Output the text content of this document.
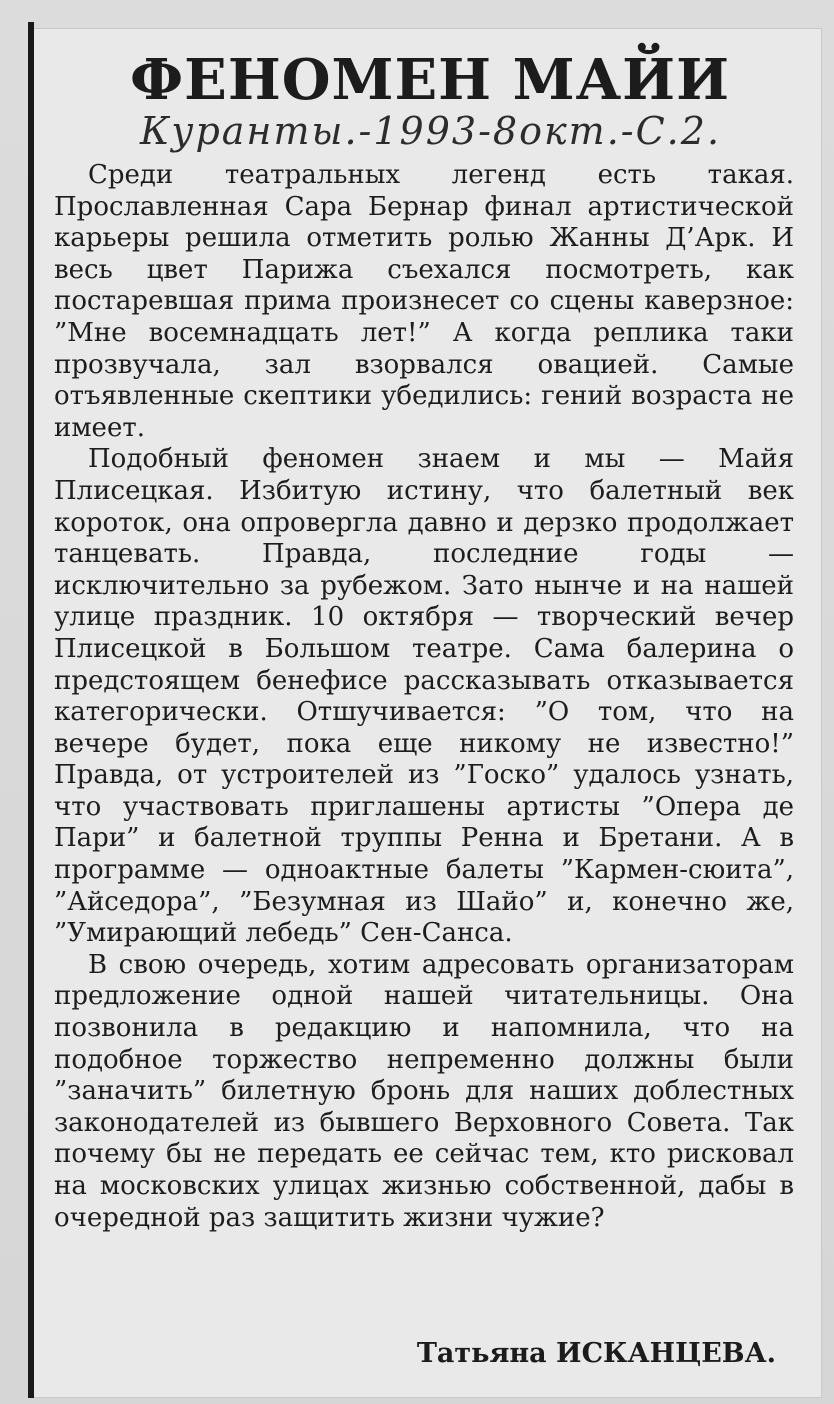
ФЕНОМЕН МАЙИ
Куранты.-1993-8окт.-С.2.

Среди театральных легенд есть такая. Прославленная Сара Бернар финал артистической карьеры решила отметить ролью Жанны Д’Арк. И весь цвет Парижа съехался посмотреть, как постаревшая прима произнесет со сцены каверзное: ”Мне восемнадцать лет!” А когда реплика таки прозвучала, зал взорвался овацией. Самые отъявленные скептики убедились: гений возраста не имеет.

Подобный феномен знаем и мы — Майя Плисецкая. Избитую истину, что балетный век короток, она опровергла давно и дерзко продолжает танцевать. Правда, последние годы — исключительно за рубежом. Зато нынче и на нашей улице праздник. 10 октября — творческий вечер Плисецкой в Большом театре. Сама балерина о предстоящем бенефисе рассказывать отказывается категорически. Отшучивается: ”О том, что на вечере будет, пока еще никому не известно!” Правда, от устроителей из ”Госко” удалось узнать, что участвовать приглашены артисты ”Опера де Пари” и балетной труппы Ренна и Бретани. А в программе — одноактные балеты ”Кармен-сюита”, ”Айседора”, ”Безумная из Шайо” и, конечно же, ”Умирающий лебедь” Сен-Санса.

В свою очередь, хотим адресовать организаторам предложение одной нашей читательницы. Она позвонила в редакцию и напомнила, что на подобное торжество непременно должны были ”заначить” билетную бронь для наших доблестных законодателей из бывшего Верховного Совета. Так почему бы не передать ее сейчас тем, кто рисковал на московских улицах жизнью собственной, дабы в очередной раз защитить жизни чужие?

Татьяна ИСКАНЦЕВА.
